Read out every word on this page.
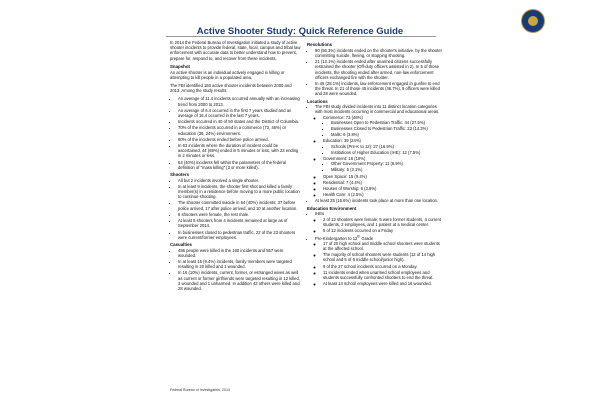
Active Shooter Study: Quick Reference Guide

In 2014 the Federal Bureau of Investigation initiated a study of active shooter incidents to provide federal, state, local, campus and tribal law enforcement with accurate data to better understand how to prevent, prepare for, respond to, and recover from these incidents.

Snapshot

An active shooter is an individual actively engaged in killing or attempting to kill people in a populated area.

The FBI identified 160 active shooter incidents between 2000 and 2013. Among the study results:

• An average of 11.4 incidents occurred annually with an increasing trend from 2000 to 2013.
• An average of 6.4 occurred in the first 7 years studied and an average of 16.4 occurred in the last 7 years.
• Incidents occurred in 40 of 50 states and the District of Columbia.
• 70% of the incidents occurred in a commerce (73, 46%) or education (39, 24%) environment.
• 60% of the incidents ended before police arrived.
• In 63 incidents where the duration of incident could be ascertained, 44 (69%) ended in 5 minutes or less, with 23 ending in 2 minutes or less.
• 64 (40%) incidents fell within the parameters of the federal definition of “mass killing” (3 or more killed).
Shooters
• All but 2 incidents involved a single shooter.
• In at least 9 incidents, the shooter first shot and killed a family member(s) in a residence before moving to a more public location to continue shooting.
• The shooter committed suicide in 64 (40%) incidents; 37 before police arrived, 17 after police arrived, and 10 at another location.
• 6 shooters were female, the rest male.
• At least 5 shooters from 4 incidents remained at large as of September 2014.
• In businesses closed to pedestrian traffic, 22 of the 23 shooters were current/former employees.
Casualties
• 486 people were killed in the 160 incidents and 557 were wounded.
• In at least 15 (9.4%) incidents, family members were targeted resulting in 20 killed and 1 wounded.
• In 16 (10%) incidents, current, former, or estranged wives as well as current or former girlfriends were targeted resulting in 12 killed, 3 wounded and 1 unharmed. In addition 42 others were killed and 28 wounded.
Resolutions
• 90 (56.3%) incidents ended on the shooter's initiative, by the shooter committing suicide, fleeing, or stopping shooting.
• 21 (13.1%) incidents ended after unarmed citizens successfully restrained the shooter (Off-duty officers assisted in 2). In 5 of those incidents, the shooting ended after armed, non-law enforcement officers exchanged fire with the shooter.
• In 45 (28.1%) incidents, law enforcement engaged in gunfire to end the threat. In 21 of those 45 incidents (46.7%), 9 officers were killed and 28 were wounded.
Locations
• The FBI study divided incidents into 11 distinct location categories with most incidents occurring in commercial and educational areas.
◦ Commerce: 73 (46%)
▪ Businesses Open to Pedestrian Traffic: 44 (27.5%)
▪ Businesses Closed to Pedestrian Traffic: 23 (14.3%)
▪ Malls: 6 (3.8%)
◦ Education: 39 (24%)
▪ Schools (Pre-K to 12): 27 (16.9%)
▪ Institutions of Higher Education (IHE): 12 (7.5%)
◦ Government: 16 (10%)
▪ Other Government Property: 11 (6.9%)
▪ Military: 5 (3.1%)
◦ Open Space: 15 (9.4%)
◦ Residential: 7 (4.4%)
◦ Houses of Worship: 6 (3.8%)
◦ Health Care: 4 (2.5%)
• At least 25 (15.6%) incidents took place at more than one location.
Education Environment
• IHEs
◦ 2 of 12 shooters were female; 5 were former students, 4 current students, 2 employees, and 1 patient at a medical center.
◦ 5 of 12 incidents occurred on a Friday
• Pre-Kindergarten to 12th Grade
◦ 17 of 20 high school and middle school shooters were students at the affected school.
◦ The majority of school shooters were students (12 of 14 high school and 5 of 6 middle school/junior high).
◦ 9 of the 27 school incidents occurred on a Monday.
◦ 11 incidents ended when unarmed school employees and students successfully confronted shooters to end the threat.
◦ At least 14 school employees were killed and 16 wounded.
Federal Bureau of Investigation, 2014
